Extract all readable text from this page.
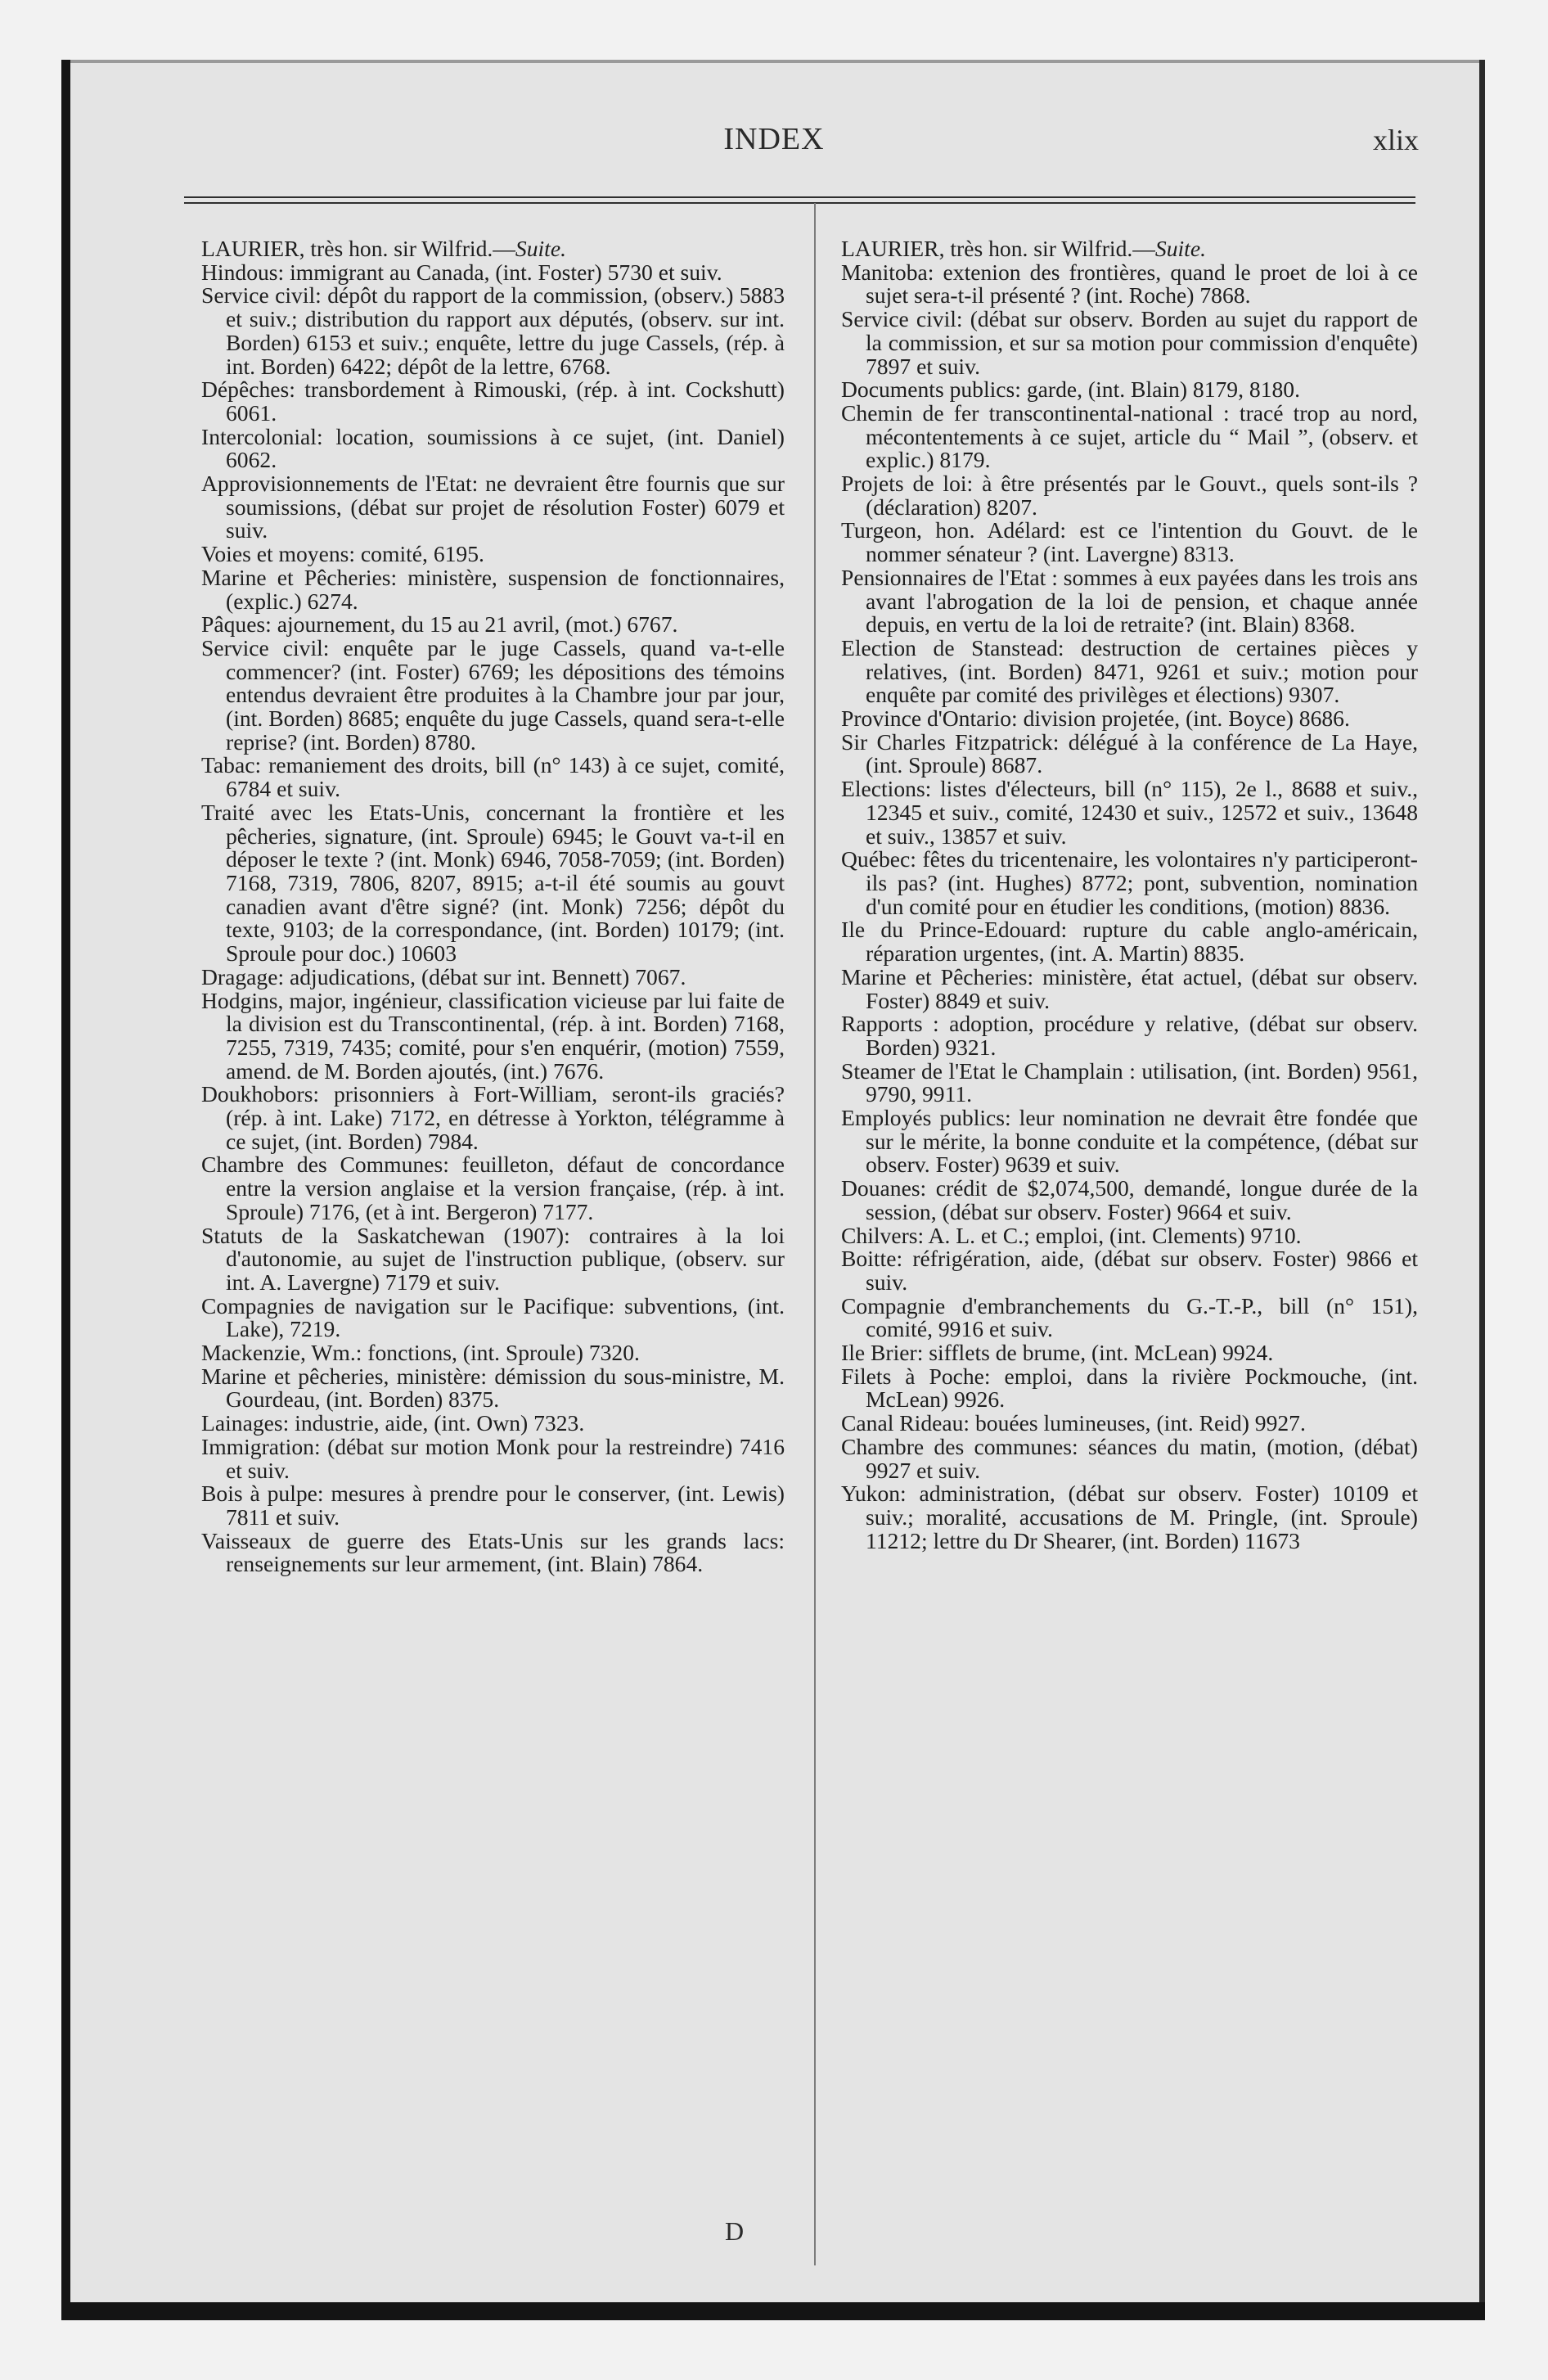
INDEX	xlix

LAURIER, très hon. sir Wilfrid.—Suite.

Hindous: immigrant au Canada, (int. Foster) 5730 et suiv.

Service civil: dépôt du rapport de la commission, (observ.) 5883 et suiv.; distribution du rapport aux députés, (observ. sur int. Borden) 6153 et suiv.; enquête, lettre du juge Cassels, (rép. à int. Borden) 6422; dépôt de la lettre, 6768.

Dépêches: transbordement à Rimouski, (rép. à int. Cockshutt) 6061.

Intercolonial: location, soumissions à ce sujet, (int. Daniel) 6062.

Approvisionnements de l'Etat: ne devraient être fournis que sur soumissions, (débat sur projet de résolution Foster) 6079 et suiv.

Voies et moyens: comité, 6195.

Marine et Pêcheries: ministère, suspension de fonctionnaires, (explic.) 6274.

Pâques: ajournement, du 15 au 21 avril, (mot.) 6767.

Service civil: enquête par le juge Cassels, quand va-t-elle commencer? (int. Foster) 6769; les dépositions des témoins entendus devraient être produites à la Chambre jour par jour, (int. Borden) 8685; enquête du juge Cassels, quand sera-t-elle reprise? (int. Borden) 8780.

Tabac: remaniement des droits, bill (n° 143) à ce sujet, comité, 6784 et suiv.

Traité avec les Etats-Unis, concernant la frontière et les pêcheries, signature, (int. Sproule) 6945; le Gouvt va-t-il en déposer le texte ? (int. Monk) 6946, 7058-7059; (int. Borden) 7168, 7319, 7806, 8207, 8915; a-t-il été soumis au gouvt canadien avant d'être signé? (int. Monk) 7256; dépôt du texte, 9103; de la correspondance, (int. Borden) 10179; (int. Sproule pour doc.) 10603

Dragage: adjudications, (débat sur int. Bennett) 7067.

Hodgins, major, ingénieur, classification vicieuse par lui faite de la division est du Transcontinental, (rép. à int. Borden) 7168, 7255, 7319, 7435; comité, pour s'en enquérir, (motion) 7559, amend. de M. Borden ajoutés, (int.) 7676.

Doukhobors: prisonniers à Fort-William, seront-ils graciés? (rép. à int. Lake) 7172, en détresse à Yorkton, télégramme à ce sujet, (int. Borden) 7984.

Chambre des Communes: feuilleton, défaut de concordance entre la version anglaise et la version française, (rép. à int. Sproule) 7176, (et à int. Bergeron) 7177.

Statuts de la Saskatchewan (1907): contraires à la loi d'autonomie, au sujet de l'instruction publique, (observ. sur int. A. Lavergne) 7179 et suiv.

Compagnies de navigation sur le Pacifique: subventions, (int. Lake), 7219.

Mackenzie, Wm.: fonctions, (int. Sproule) 7320.

Marine et pêcheries, ministère: démission du sous-ministre, M. Gourdeau, (int. Borden) 8375.

Lainages: industrie, aide, (int. Own) 7323.

Immigration: (débat sur motion Monk pour la restreindre) 7416 et suiv.

Bois à pulpe: mesures à prendre pour le conserver, (int. Lewis) 7811 et suiv.

Vaisseaux de guerre des Etats-Unis sur les grands lacs: renseignements sur leur armement, (int. Blain) 7864.

LAURIER, très hon. sir Wilfrid.—Suite.

Manitoba: extenion des frontières, quand le proet de loi à ce sujet sera-t-il présenté ? (int. Roche) 7868.

Service civil: (débat sur observ. Borden au sujet du rapport de la commission, et sur sa motion pour commission d'enquête) 7897 et suiv.

Documents publics: garde, (int. Blain) 8179, 8180.

Chemin de fer transcontinental-national : tracé trop au nord, mécontentements à ce sujet, article du “ Mail ”, (observ. et explic.) 8179.

Projets de loi: à être présentés par le Gouvt., quels sont-ils ? (déclaration) 8207.

Turgeon, hon. Adélard: est ce l'intention du Gouvt. de le nommer sénateur ? (int. Lavergne) 8313.

Pensionnaires de l'Etat : sommes à eux payées dans les trois ans avant l'abrogation de la loi de pension, et chaque année depuis, en vertu de la loi de retraite? (int. Blain) 8368.

Election de Stanstead: destruction de certaines pièces y relatives, (int. Borden) 8471, 9261 et suiv.; motion pour enquête par comité des privilèges et élections) 9307.

Province d'Ontario: division projetée, (int. Boyce) 8686.

Sir Charles Fitzpatrick: délégué à la conférence de La Haye, (int. Sproule) 8687.

Elections: listes d'électeurs, bill (n° 115), 2e l., 8688 et suiv., 12345 et suiv., comité, 12430 et suiv., 12572 et suiv., 13648 et suiv., 13857 et suiv.

Québec: fêtes du tricentenaire, les volontaires n'y participeront-ils pas? (int. Hughes) 8772; pont, subvention, nomination d'un comité pour en étudier les conditions, (motion) 8836.

Ile du Prince-Edouard: rupture du cable anglo-américain, réparation urgentes, (int. A. Martin) 8835.

Marine et Pêcheries: ministère, état actuel, (débat sur observ. Foster) 8849 et suiv.

Rapports : adoption, procédure y relative, (débat sur observ. Borden) 9321.

Steamer de l'Etat le Champlain : utilisation, (int. Borden) 9561, 9790, 9911.

Employés publics: leur nomination ne devrait être fondée que sur le mérite, la bonne conduite et la compétence, (débat sur observ. Foster) 9639 et suiv.

Douanes: crédit de $2,074,500, demandé, longue durée de la session, (débat sur observ. Foster) 9664 et suiv.

Chilvers: A. L. et C.; emploi, (int. Clements) 9710.

Boitte: réfrigération, aide, (débat sur observ. Foster) 9866 et suiv.

Compagnie d'embranchements du G.-T.-P., bill (n° 151), comité, 9916 et suiv.

Ile Brier: sifflets de brume, (int. McLean) 9924.

Filets à Poche: emploi, dans la rivière Pockmouche, (int. McLean) 9926.

Canal Rideau: bouées lumineuses, (int. Reid) 9927.

Chambre des communes: séances du matin, (motion, (débat) 9927 et suiv.

Yukon: administration, (débat sur observ. Foster) 10109 et suiv.; moralité, accusations de M. Pringle, (int. Sproule) 11212; lettre du Dr Shearer, (int. Borden) 11673

D
